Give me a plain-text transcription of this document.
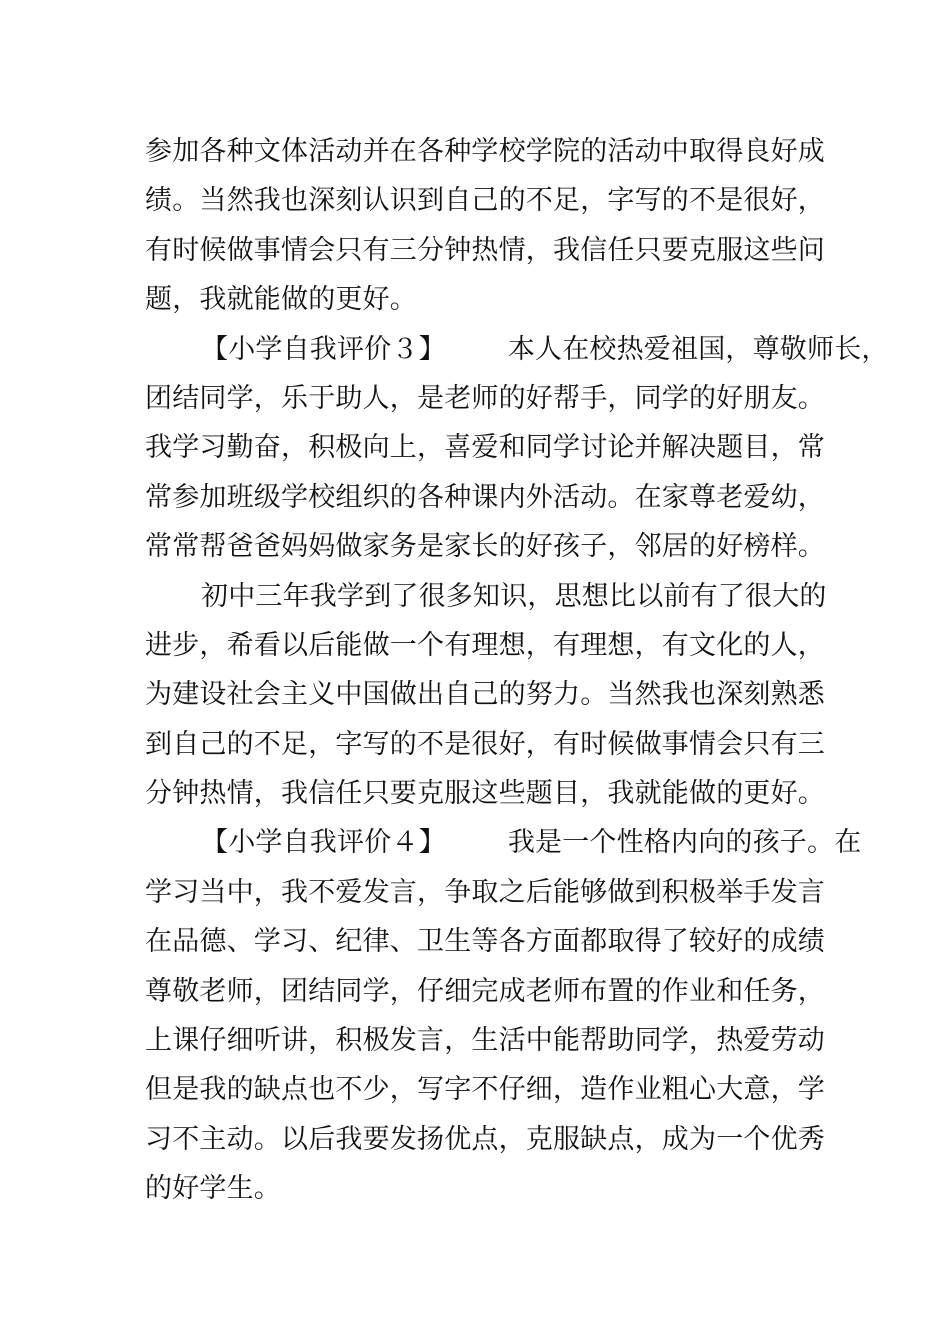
参加各种文体活动并在各种学校学院的活动中取得良好成
绩。当然我也深刻认识到自己的不足，字写的不是很好，
有时候做事情会只有三分钟热情，我信任只要克服这些问
题，我就能做的更好。
【小学自我评价３】 本人在校热爱祖国，尊敬师长，
团结同学，乐于助人，是老师的好帮手，同学的好朋友。
我学习勤奋，积极向上，喜爱和同学讨论并解决题目，常
常参加班级学校组织的各种课内外活动。在家尊老爱幼，
常常帮爸爸妈妈做家务是家长的好孩子，邻居的好榜样。
初中三年我学到了很多知识，思想比以前有了很大的
进步，希看以后能做一个有理想，有理想，有文化的人，
为建设社会主义中国做出自己的努力。当然我也深刻熟悉
到自己的不足，字写的不是很好，有时候做事情会只有三
分钟热情，我信任只要克服这些题目，我就能做的更好。
【小学自我评价４】 我是一个性格内向的孩子。在
学习当中，我不爱发言，争取之后能够做到积极举手发言
在品德、学习、纪律、卫生等各方面都取得了较好的成绩
尊敬老师，团结同学，仔细完成老师布置的作业和任务，
上课仔细听讲，积极发言，生活中能帮助同学，热爱劳动
但是我的缺点也不少，写字不仔细，造作业粗心大意，学
习不主动。以后我要发扬优点，克服缺点，成为一个优秀
的好学生。
